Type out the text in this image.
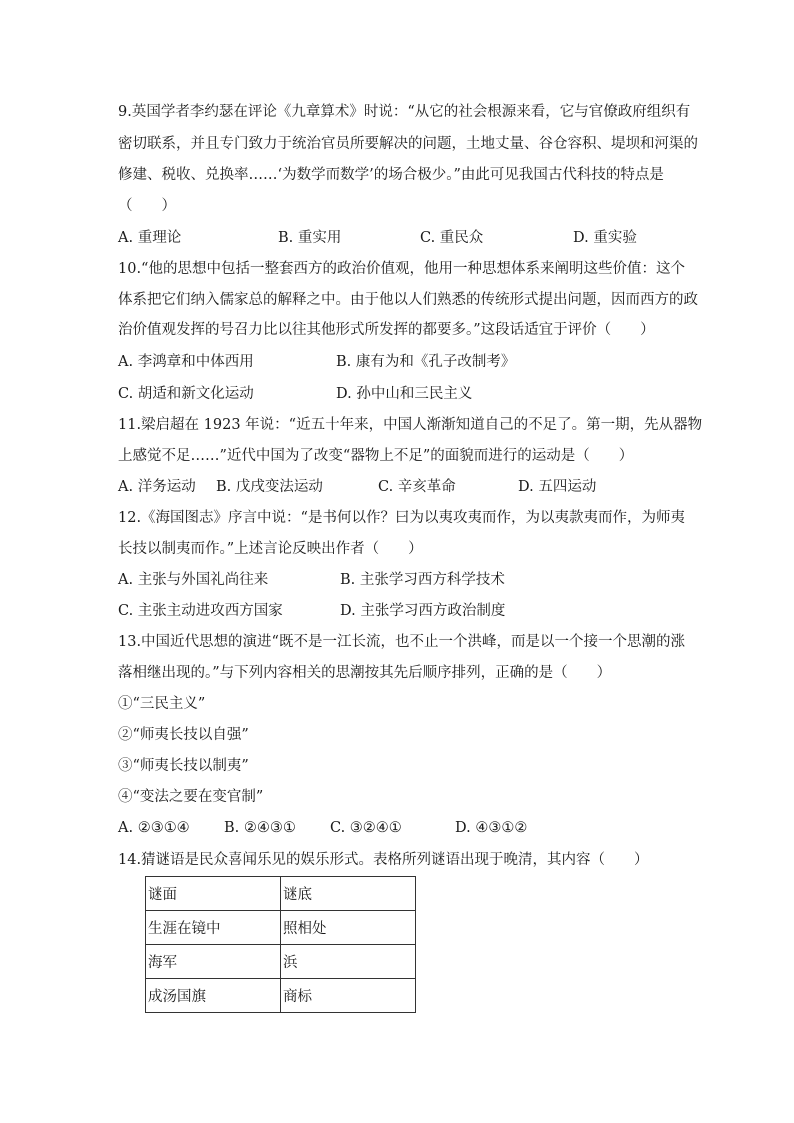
9.英国学者李约瑟在评论《九章算术》时说：“从它的社会根源来看，它与官僚政府组织有
密切联系，并且专门致力于统治官员所要解决的问题，土地丈量、谷仓容积、堤坝和河渠的
修建、税收、兑换率……‘为数学而数学’的场合极少。”由此可见我国古代科技的特点是
（　　）
A. 重理论	B. 重实用	C. 重民众	D. 重实验
10.“他的思想中包括一整套西方的政治价值观，他用一种思想体系来阐明这些价值：这个
体系把它们纳入儒家总的解释之中。由于他以人们熟悉的传统形式提出问题，因而西方的政
治价值观发挥的号召力比以往其他形式所发挥的都要多。”这段话适宜于评价（　　）
A. 李鸿章和中体西用	B. 康有为和《孔子改制考》
C. 胡适和新文化运动	D. 孙中山和三民主义
11.梁启超在 1923 年说：“近五十年来，中国人渐渐知道自己的不足了。第一期，先从器物
上感觉不足……”近代中国为了改变“器物上不足”的面貌而进行的运动是（　　）
A. 洋务运动 B. 戊戌变法运动	C. 辛亥革命	D. 五四运动
12.《海国图志》序言中说：“是书何以作？曰为以夷攻夷而作，为以夷款夷而作，为师夷
长技以制夷而作。”上述言论反映出作者（　　）
A. 主张与外国礼尚往来	B. 主张学习西方科学技术
C. 主张主动进攻西方国家	D. 主张学习西方政治制度
13.中国近代思想的演进“既不是一江长流，也不止一个洪峰，而是以一个接一个思潮的涨
落相继出现的。”与下列内容相关的思潮按其先后顺序排列，正确的是（　　）
①“三民主义”
②“师夷长技以自强”
③“师夷长技以制夷”
④“变法之要在变官制”
A. ②③①④ B. ②④③① C. ③②④①	D. ④③①②
14.猜谜语是民众喜闻乐见的娱乐形式。表格所列谜语出现于晚清，其内容（　　）
谜面	谜底
生涯在镜中	照相处
海军	浜
成汤国旗	商标
